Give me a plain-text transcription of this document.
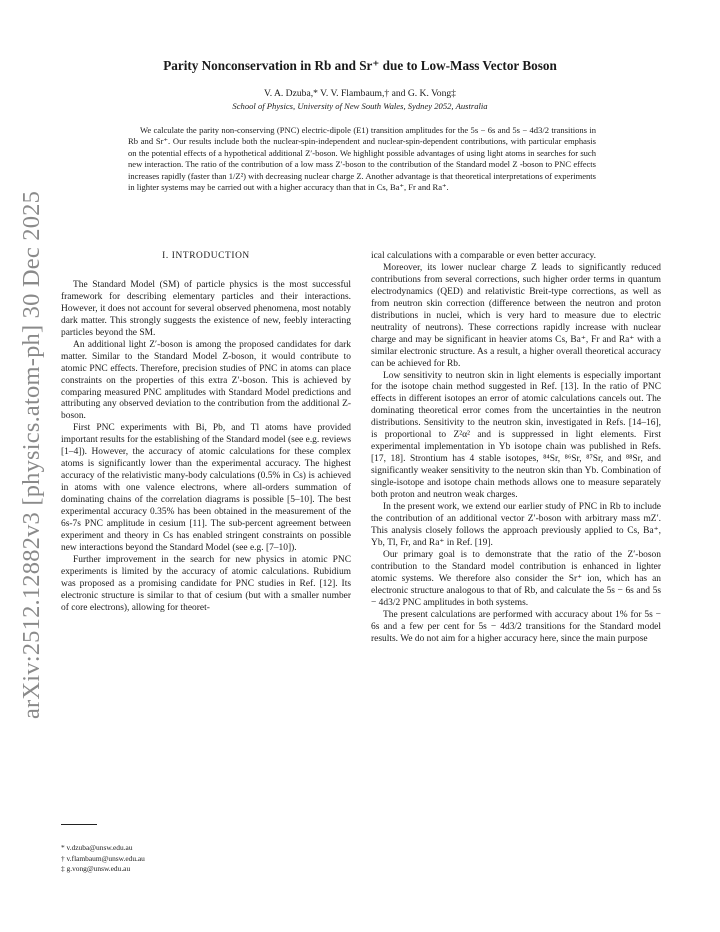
arXiv:2512.12882v3 [physics.atom-ph] 30 Dec 2025
Parity Nonconservation in Rb and Sr⁺ due to Low-Mass Vector Boson

V. A. Dzuba,* V. V. Flambaum,† and G. K. Vong‡

School of Physics, University of New South Wales, Sydney 2052, Australia

We calculate the parity non-conserving (PNC) electric-dipole (E1) transition amplitudes for the 5s − 6s and 5s − 4d3/2 transitions in Rb and Sr⁺. Our results include both the nuclear-spin-independent and nuclear-spin-dependent contributions, with particular emphasis on the potential effects of a hypothetical additional Z′-boson. We highlight possible advantages of using light atoms in searches for such new interaction. The ratio of the contribution of a low mass Z′-boson to the contribution of the Standard model Z -boson to PNC effects increases rapidly (faster than 1/Z²) with decreasing nuclear charge Z. Another advantage is that theoretical interpretations of experiments in lighter systems may be carried out with a higher accuracy than that in Cs, Ba⁺, Fr and Ra⁺.

I. INTRODUCTION

The Standard Model (SM) of particle physics is the most successful framework for describing elementary particles and their interactions. However, it does not account for several observed phenomena, most notably dark matter. This strongly suggests the existence of new, feebly interacting particles beyond the SM.

An additional light Z′-boson is among the proposed candidates for dark matter. Similar to the Standard Model Z-boson, it would contribute to atomic PNC effects. Therefore, precision studies of PNC in atoms can place constraints on the properties of this extra Z′-boson. This is achieved by comparing measured PNC amplitudes with Standard Model predictions and attributing any observed deviation to the contribution from the additional Z-boson.

First PNC experiments with Bi, Pb, and Tl atoms have provided important results for the establishing of the Standard model (see e.g. reviews [1–4]). However, the accuracy of atomic calculations for these complex atoms is significantly lower than the experimental accuracy. The highest accuracy of the relativistic many-body calculations (0.5% in Cs) is achieved in atoms with one valence electrons, where all-orders summation of dominating chains of the correlation diagrams is possible [5–10]. The best experimental accuracy 0.35% has been obtained in the measurement of the 6s-7s PNC amplitude in cesium [11]. The sub-percent agreement between experiment and theory in Cs has enabled stringent constraints on possible new interactions beyond the Standard Model (see e.g. [7–10]).

Further improvement in the search for new physics in atomic PNC experiments is limited by the accuracy of atomic calculations. Rubidium was proposed as a promising candidate for PNC studies in Ref. [12]. Its electronic structure is similar to that of cesium (but with a smaller number of core electrons), allowing for theoret-

ical calculations with a comparable or even better accuracy.

Moreover, its lower nuclear charge Z leads to significantly reduced contributions from several corrections, such higher order terms in quantum electrodynamics (QED) and relativistic Breit-type corrections, as well as from neutron skin correction (difference between the neutron and proton distributions in nuclei, which is very hard to measure due to electric neutrality of neutrons). These corrections rapidly increase with nuclear charge and may be significant in heavier atoms Cs, Ba⁺, Fr and Ra⁺ with a similar electronic structure. As a result, a higher overall theoretical accuracy can be achieved for Rb.

Low sensitivity to neutron skin in light elements is especially important for the isotope chain method suggested in Ref. [13]. In the ratio of PNC effects in different isotopes an error of atomic calculations cancels out. The dominating theoretical error comes from the uncertainties in the neutron distributions. Sensitivity to the neutron skin, investigated in Refs. [14–16], is proportional to Z²α² and is suppressed in light elements. First experimental implementation in Yb isotope chain was published in Refs. [17, 18]. Strontium has 4 stable isotopes, ⁸⁴Sr, ⁸⁶Sr, ⁸⁷Sr, and ⁸⁸Sr, and significantly weaker sensitivity to the neutron skin than Yb. Combination of single-isotope and isotope chain methods allows one to measure separately both proton and neutron weak charges.

In the present work, we extend our earlier study of PNC in Rb to include the contribution of an additional vector Z′-boson with arbitrary mass mZ′. This analysis closely follows the approach previously applied to Cs, Ba⁺, Yb, Tl, Fr, and Ra⁺ in Ref. [19].

Our primary goal is to demonstrate that the ratio of the Z′-boson contribution to the Standard model contribution is enhanced in lighter atomic systems. We therefore also consider the Sr⁺ ion, which has an electronic structure analogous to that of Rb, and calculate the 5s − 6s and 5s − 4d3/2 PNC amplitudes in both systems.

The present calculations are performed with accuracy about 1% for 5s − 6s and a few per cent for 5s − 4d3/2 transitions for the Standard model results. We do not aim for a higher accuracy here, since the main purpose

* v.dzuba@unsw.edu.au
† v.flambaum@unsw.edu.au
‡ g.vong@unsw.edu.au
